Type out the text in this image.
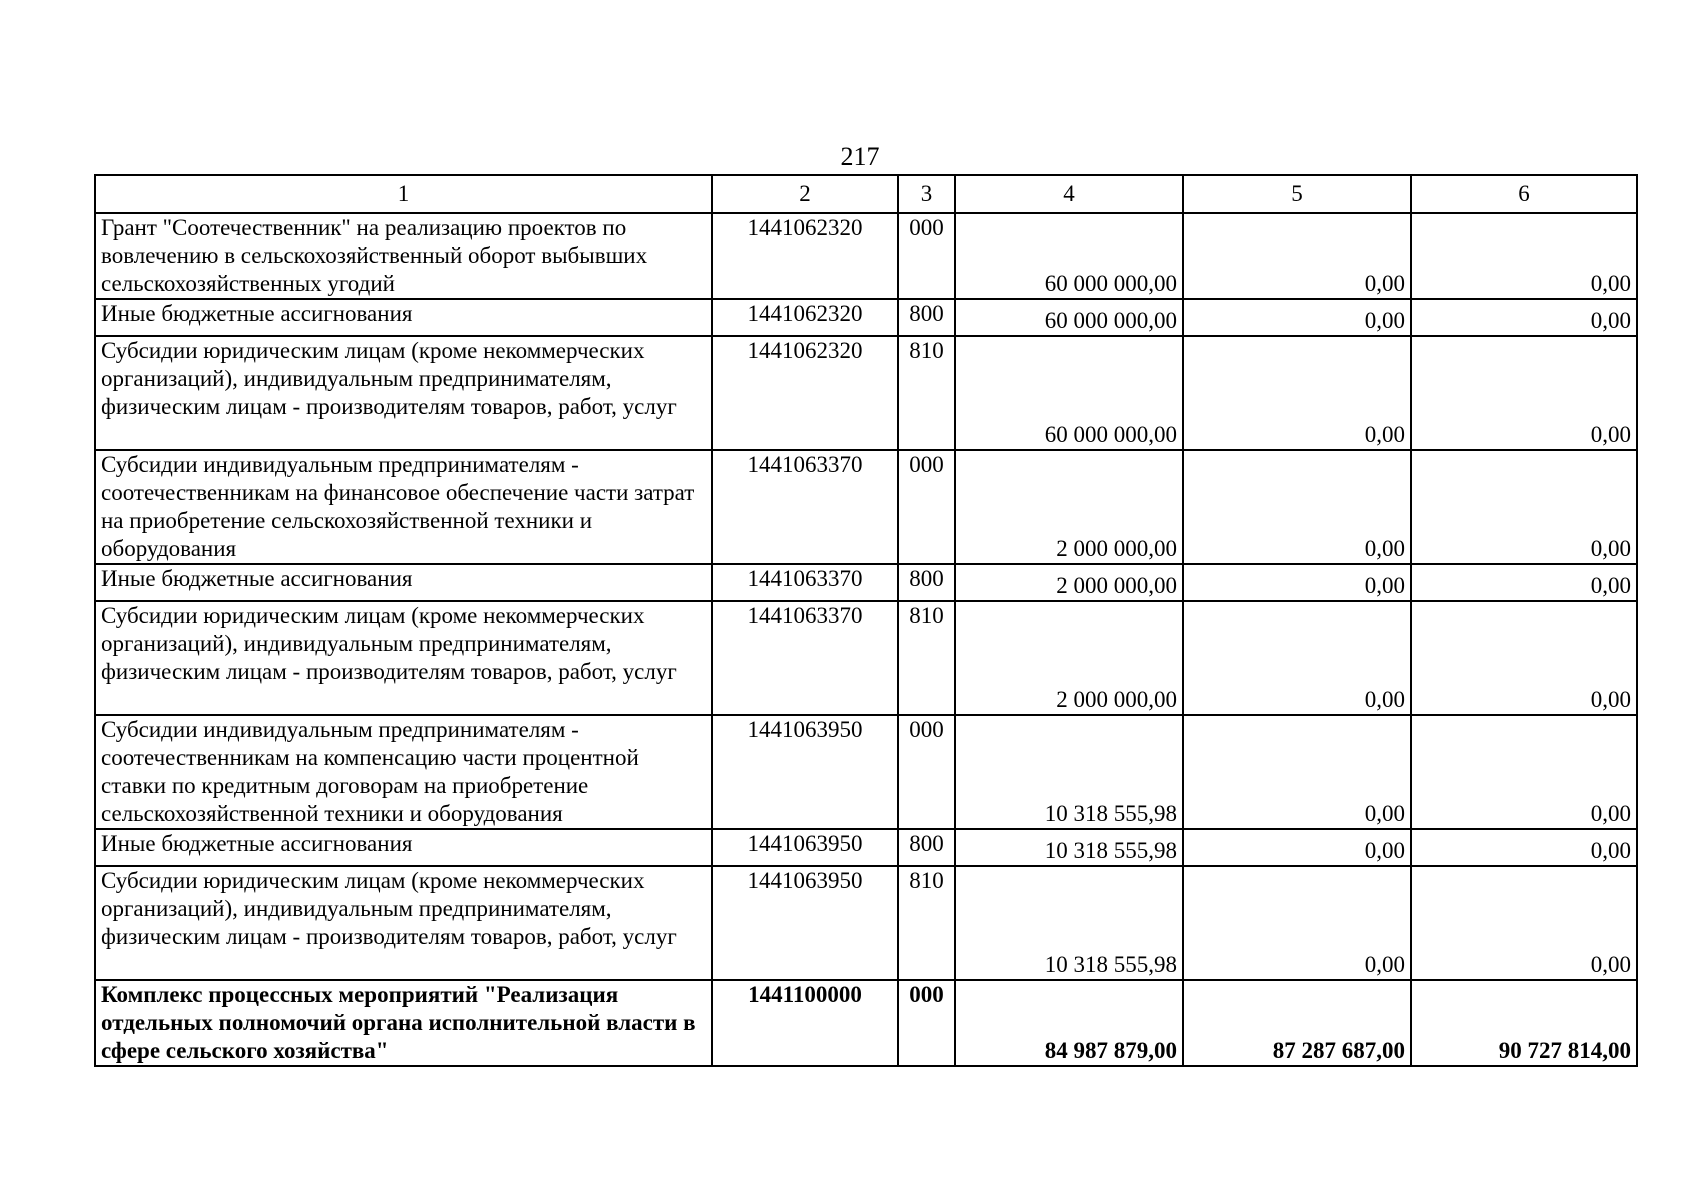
217
1	2	3	4	5	6
Грант "Соотечественник" на реализацию проектов по вовлечению в сельскохозяйственный оборот выбывших сельскохозяйственных угодий	1441062320	000	60 000 000,00	0,00	0,00
Иные бюджетные ассигнования	1441062320	800	60 000 000,00	0,00	0,00
Субсидии юридическим лицам (кроме некоммерческих организаций), индивидуальным предпринимателям, физическим лицам - производителям товаров, работ, услуг	1441062320	810	60 000 000,00	0,00	0,00
Субсидии индивидуальным предпринимателям - соотечественникам на финансовое обеспечение части затрат на приобретение сельскохозяйственной техники и оборудования	1441063370	000	2 000 000,00	0,00	0,00
Иные бюджетные ассигнования	1441063370	800	2 000 000,00	0,00	0,00
Субсидии юридическим лицам (кроме некоммерческих организаций), индивидуальным предпринимателям, физическим лицам - производителям товаров, работ, услуг	1441063370	810	2 000 000,00	0,00	0,00
Субсидии индивидуальным предпринимателям - соотечественникам на компенсацию части процентной ставки по кредитным договорам на приобретение сельскохозяйственной техники и оборудования	1441063950	000	10 318 555,98	0,00	0,00
Иные бюджетные ассигнования	1441063950	800	10 318 555,98	0,00	0,00
Субсидии юридическим лицам (кроме некоммерческих организаций), индивидуальным предпринимателям, физическим лицам - производителям товаров, работ, услуг	1441063950	810	10 318 555,98	0,00	0,00
Комплекс процессных мероприятий "Реализация отдельных полномочий органа исполнительной власти в сфере сельского хозяйства"	1441100000	000	84 987 879,00	87 287 687,00	90 727 814,00
